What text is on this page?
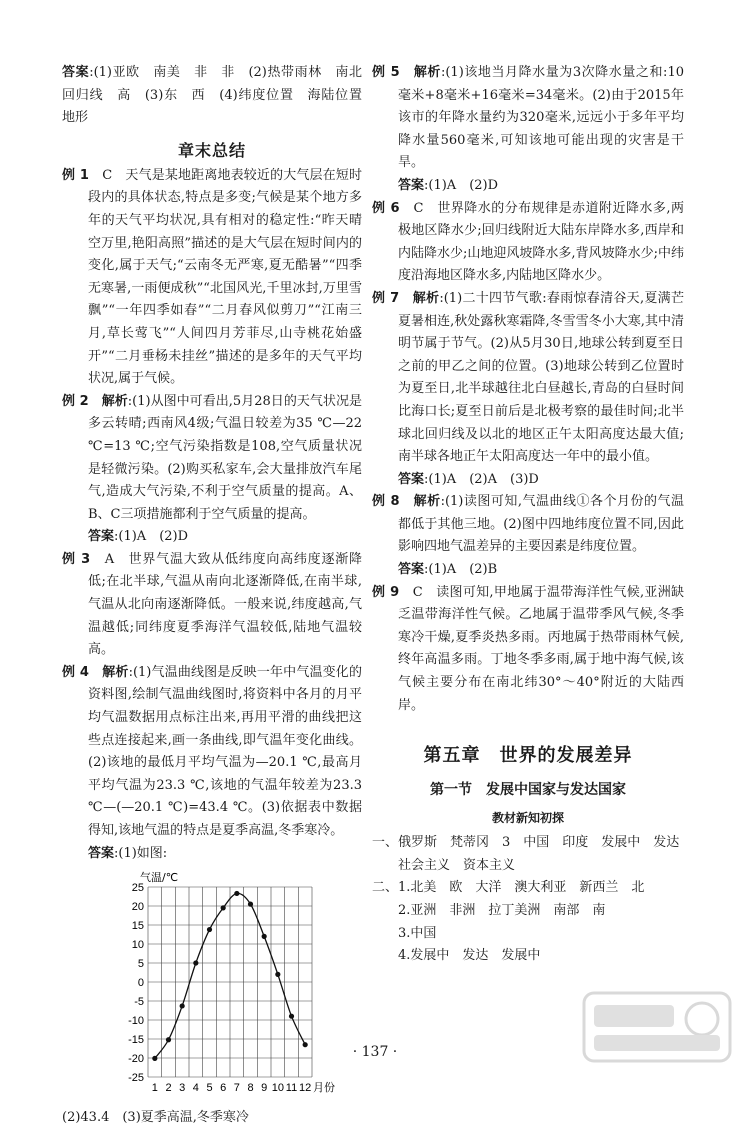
答案:(1)亚欧　南美　非　非　(2)热带雨林　南北回归线　高　(3)东　西　(4)纬度位置　海陆位置　地形

章末总结

例 1　 C　天气是某地距离地表较近的大气层在短时段内的具体状态,特点是多变;气候是某个地方多年的天气平均状况,具有相对的稳定性:“昨天晴空万里,艳阳高照”描述的是大气层在短时间内的变化,属于天气;“云南冬无严寒,夏无酷暑”“四季无寒暑,一雨便成秋”“北国风光,千里冰封,万里雪飘”“一年四季如春”“二月春风似剪刀”“江南三月,草长莺飞”“人间四月芳菲尽,山寺桃花始盛开”“二月垂杨未挂丝”描述的是多年的天气平均状况,属于气候。

例 2　 解析:(1)从图中可看出,5月28日的天气状况是多云转晴;西南风4级;气温日较差为35 ℃—22 ℃=13 ℃;空气污染指数是108,空气质量状况是轻微污染。(2)购买私家车,会大量排放汽车尾气,造成大气污染,不利于空气质量的提高。A、B、C三项措施都利于空气质量的提高。

答案:(1)A　(2)D

例 3　 A　世界气温大致从低纬度向高纬度逐渐降低;在北半球,气温从南向北逐渐降低,在南半球,气温从北向南逐渐降低。一般来说,纬度越高,气温越低;同纬度夏季海洋气温较低,陆地气温较高。

例 4　 解析:(1)气温曲线图是反映一年中气温变化的资料图,绘制气温曲线图时,将资料中各月的月平均气温数据用点标注出来,再用平滑的曲线把这些点连接起来,画一条曲线,即气温年变化曲线。(2)该地的最低月平均气温为—20.1 ℃,最高月平均气温为23.3 ℃,该地的气温年较差为23.3 ℃—(—20.1 ℃)=43.4 ℃。(3)依据表中数据得知,该地气温的特点是夏季高温,冬季寒冷。

答案:(1)如图:

25
20
15
10
5
0
-5
-10
-15
-20
-25
气温/℃
1 2 3 4 5 6 7 8 9 10 11 12 月份

(2)43.4　(3)夏季高温,冬季寒冷

例 5　 解析:(1)该地当月降水量为3次降水量之和:10毫米+8毫米+16毫米=34毫米。(2)由于2015年该市的年降水量约为320毫米,远远小于多年平均降水量560毫米,可知该地可能出现的灾害是干旱。

答案:(1)A　(2)D

例 6　 C　世界降水的分布规律是赤道附近降水多,两极地区降水少;回归线附近大陆东岸降水多,西岸和内陆降水少;山地迎风坡降水多,背风坡降水少;中纬度沿海地区降水多,内陆地区降水少。

例 7　 解析:(1)二十四节气歌:春雨惊春清谷天,夏满芒夏暑相连,秋处露秋寒霜降,冬雪雪冬小大寒,其中清明节属于节气。(2)从5月30日,地球公转到夏至日之前的甲乙之间的位置。(3)地球公转到乙位置时为夏至日,北半球越往北白昼越长,青岛的白昼时间比海口长;夏至日前后是北极考察的最佳时间;北半球北回归线及以北的地区正午太阳高度达最大值;南半球各地正午太阳高度达一年中的最小值。

答案:(1)A　(2)A　(3)D

例 8　 解析:(1)读图可知,气温曲线①各个月份的气温都低于其他三地。(2)图中四地纬度位置不同,因此影响四地气温差异的主要因素是纬度位置。

答案:(1)A　(2)B

例 9　 C　读图可知,甲地属于温带海洋性气候,亚洲缺乏温带海洋性气候。乙地属于温带季风气候,冬季寒冷干燥,夏季炎热多雨。丙地属于热带雨林气候,终年高温多雨。丁地冬季多雨,属于地中海气候,该气候主要分布在南北纬30°～40°附近的大陆西岸。

第五章　世界的发展差异
第一节　发展中国家与发达国家
教材新知初探

一、俄罗斯　梵蒂冈　3　中国　印度　发展中　发达

社会主义　资本主义

二、1.北美　欧　大洋　澳大利亚　新西兰　北

2.亚洲　非洲　拉丁美洲　南部　南

3.中国

4.发展中　发达　发展中

· 137 ·
